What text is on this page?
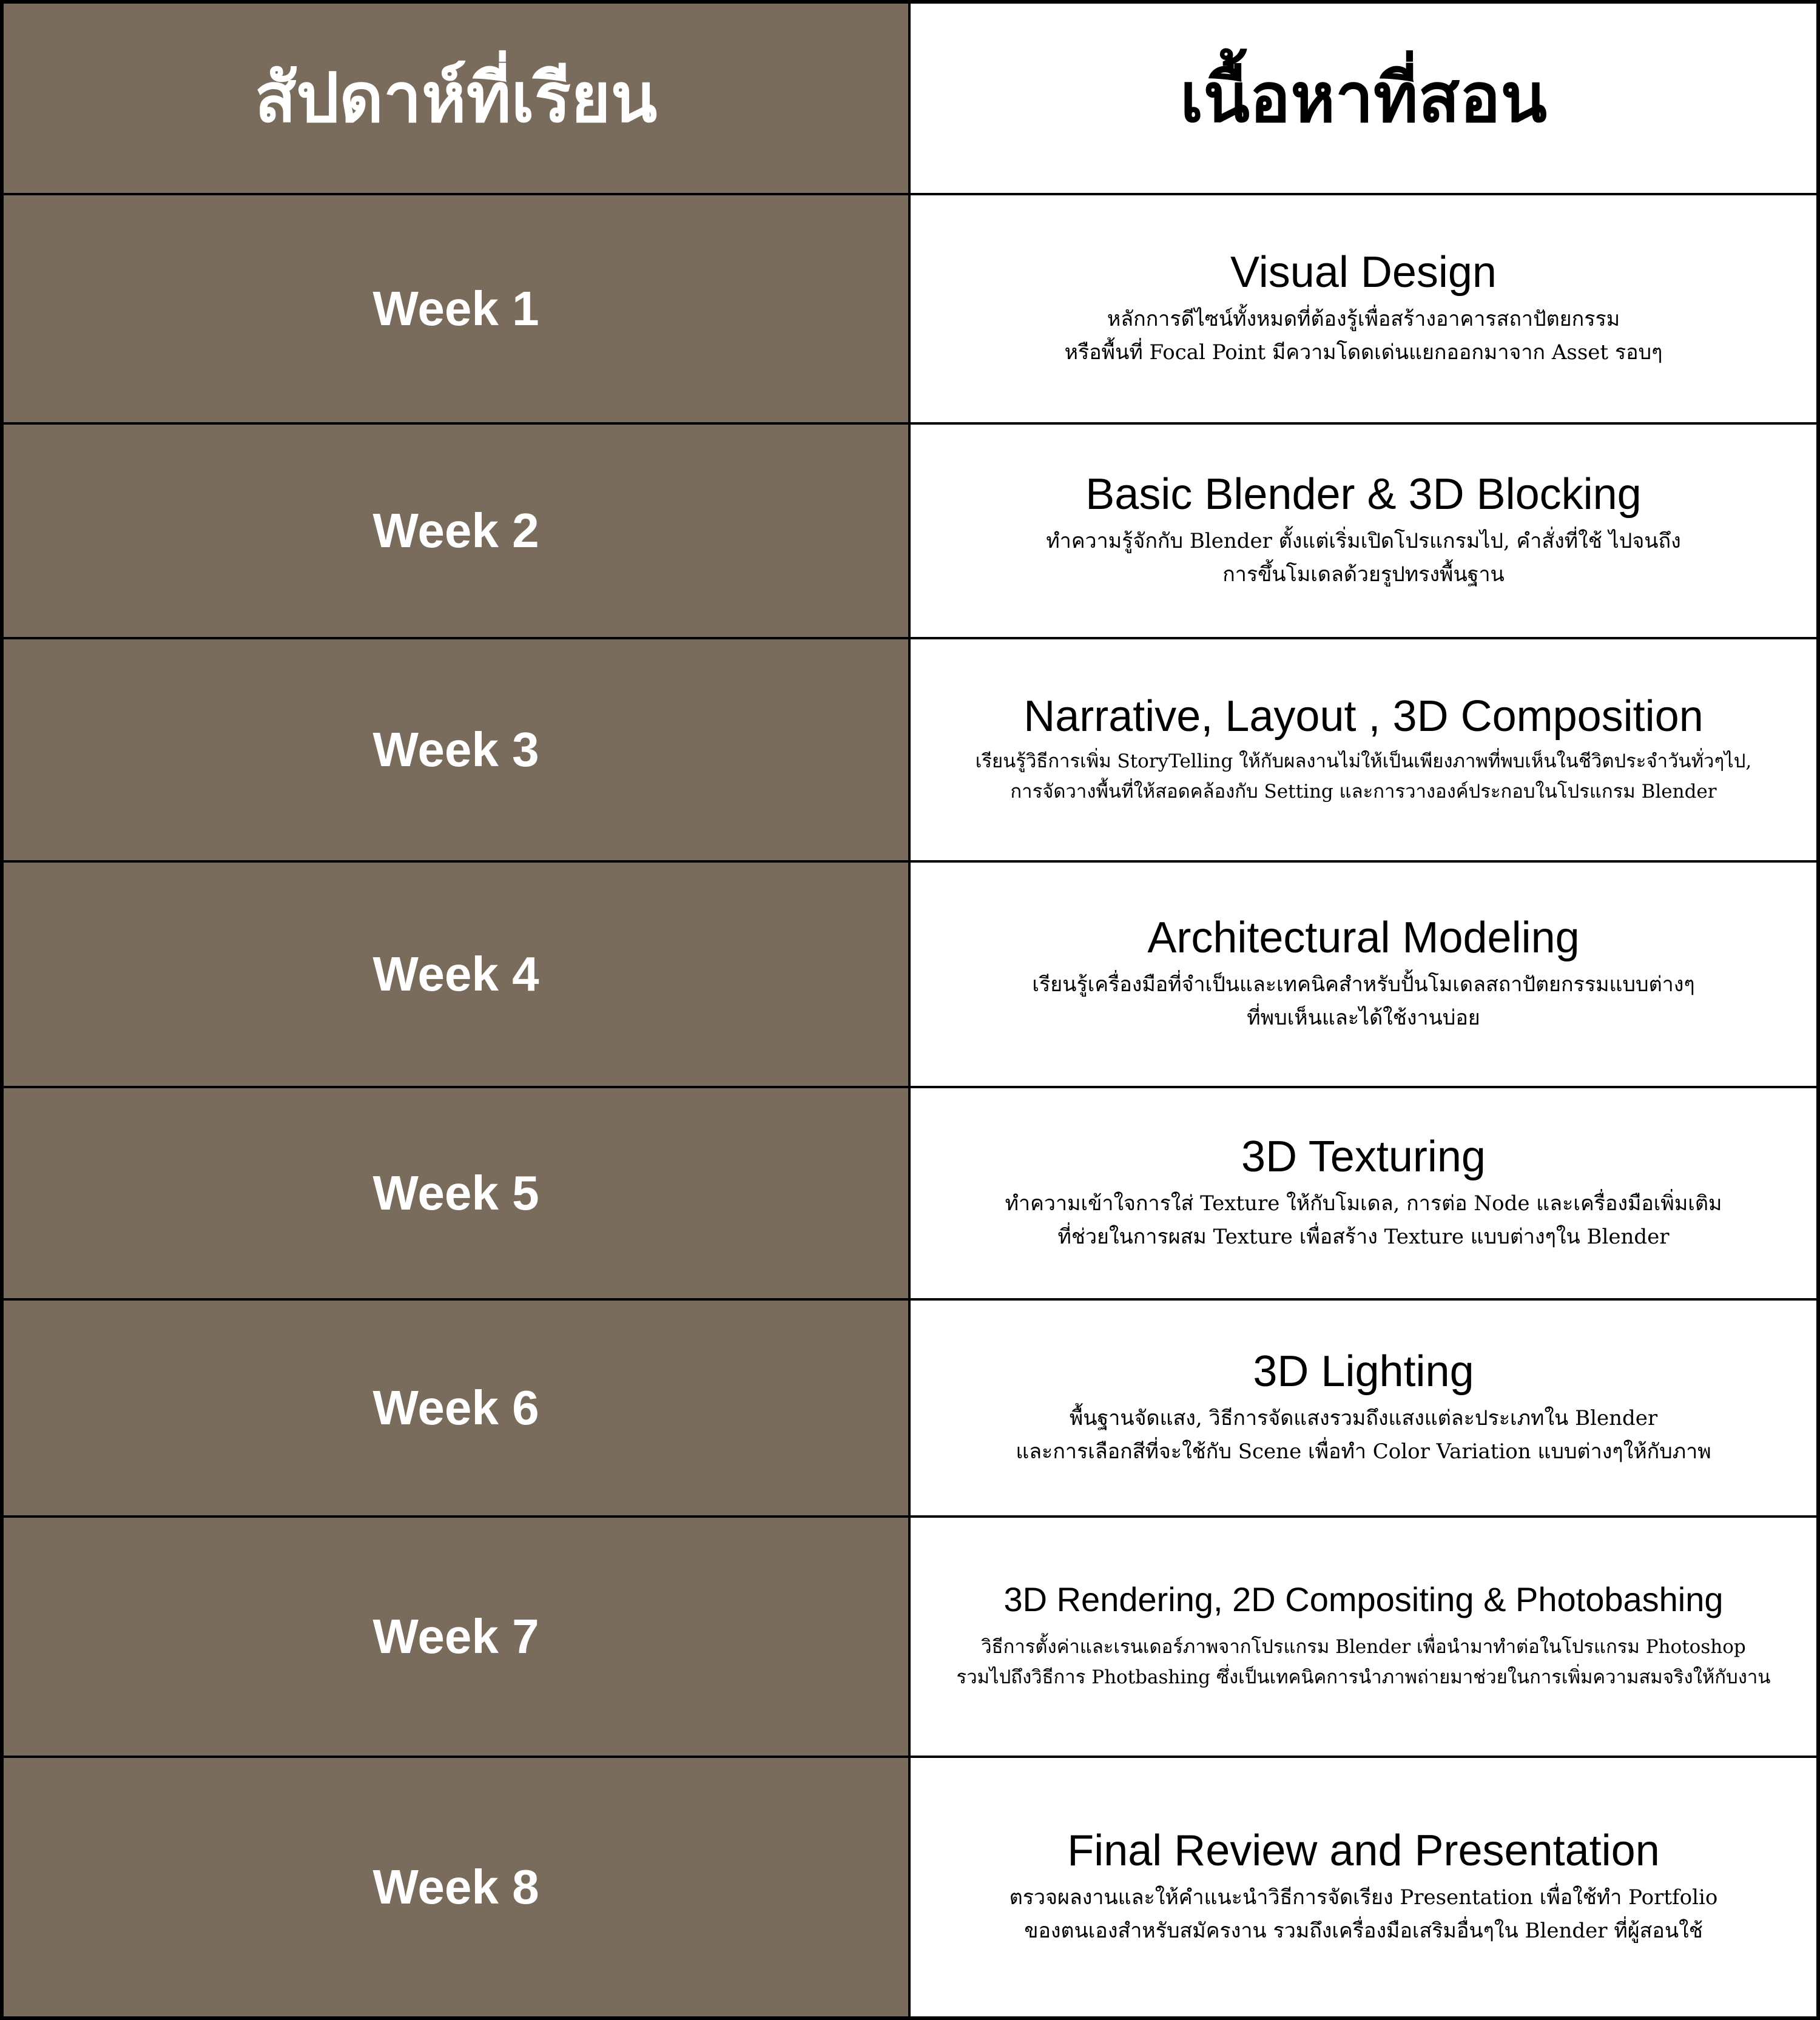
สัปดาห์ที่เรียน	เนื้อหาที่สอน
Week 1
Visual Design
หลักการดีไซน์ทั้งหมดที่ต้องรู้เพื่อสร้างอาคารสถาปัตยกรรม
หรือพื้นที่ Focal Point มีความโดดเด่นแยกออกมาจาก Asset รอบๆ
Week 2
Basic Blender & 3D Blocking
ทำความรู้จักกับ Blender ตั้งแต่เริ่มเปิดโปรแกรมไป, คำสั่งที่ใช้ ไปจนถึง
การขึ้นโมเดลด้วยรูปทรงพื้นฐาน
Week 3
Narrative, Layout , 3D Composition
เรียนรู้วิธีการเพิ่ม StoryTelling ให้กับผลงานไม่ให้เป็นเพียงภาพที่พบเห็นในชีวิตประจำวันทั่วๆไป,
การจัดวางพื้นที่ให้สอดคล้องกับ Setting และการวางองค์ประกอบในโปรแกรม Blender
Week 4
Architectural Modeling
เรียนรู้เครื่องมือที่จำเป็นและเทคนิคสำหรับปั้นโมเดลสถาปัตยกรรมแบบต่างๆ
ที่พบเห็นและได้ใช้งานบ่อย
Week 5
3D Texturing
ทำความเข้าใจการใส่ Texture ให้กับโมเดล, การต่อ Node และเครื่องมือเพิ่มเติม
ที่ช่วยในการผสม Texture เพื่อสร้าง Texture แบบต่างๆใน Blender
Week 6
3D Lighting
พื้นฐานจัดแสง, วิธีการจัดแสงรวมถึงแสงแต่ละประเภทใน Blender
และการเลือกสีที่จะใช้กับ Scene เพื่อทำ Color Variation แบบต่างๆให้กับภาพ
Week 7
3D Rendering, 2D Compositing & Photobashing
วิธีการตั้งค่าและเรนเดอร์ภาพจากโปรแกรม Blender เพื่อนำมาทำต่อในโปรแกรม Photoshop
รวมไปถึงวิธีการ Photbashing ซึ่งเป็นเทคนิคการนำภาพถ่ายมาช่วยในการเพิ่มความสมจริงให้กับงาน
Week 8
Final Review and Presentation
ตรวจผลงานและให้คำแนะนำวิธีการจัดเรียง Presentation เพื่อใช้ทำ Portfolio
ของตนเองสำหรับสมัครงาน รวมถึงเครื่องมือเสริมอื่นๆใน Blender ที่ผู้สอนใช้
